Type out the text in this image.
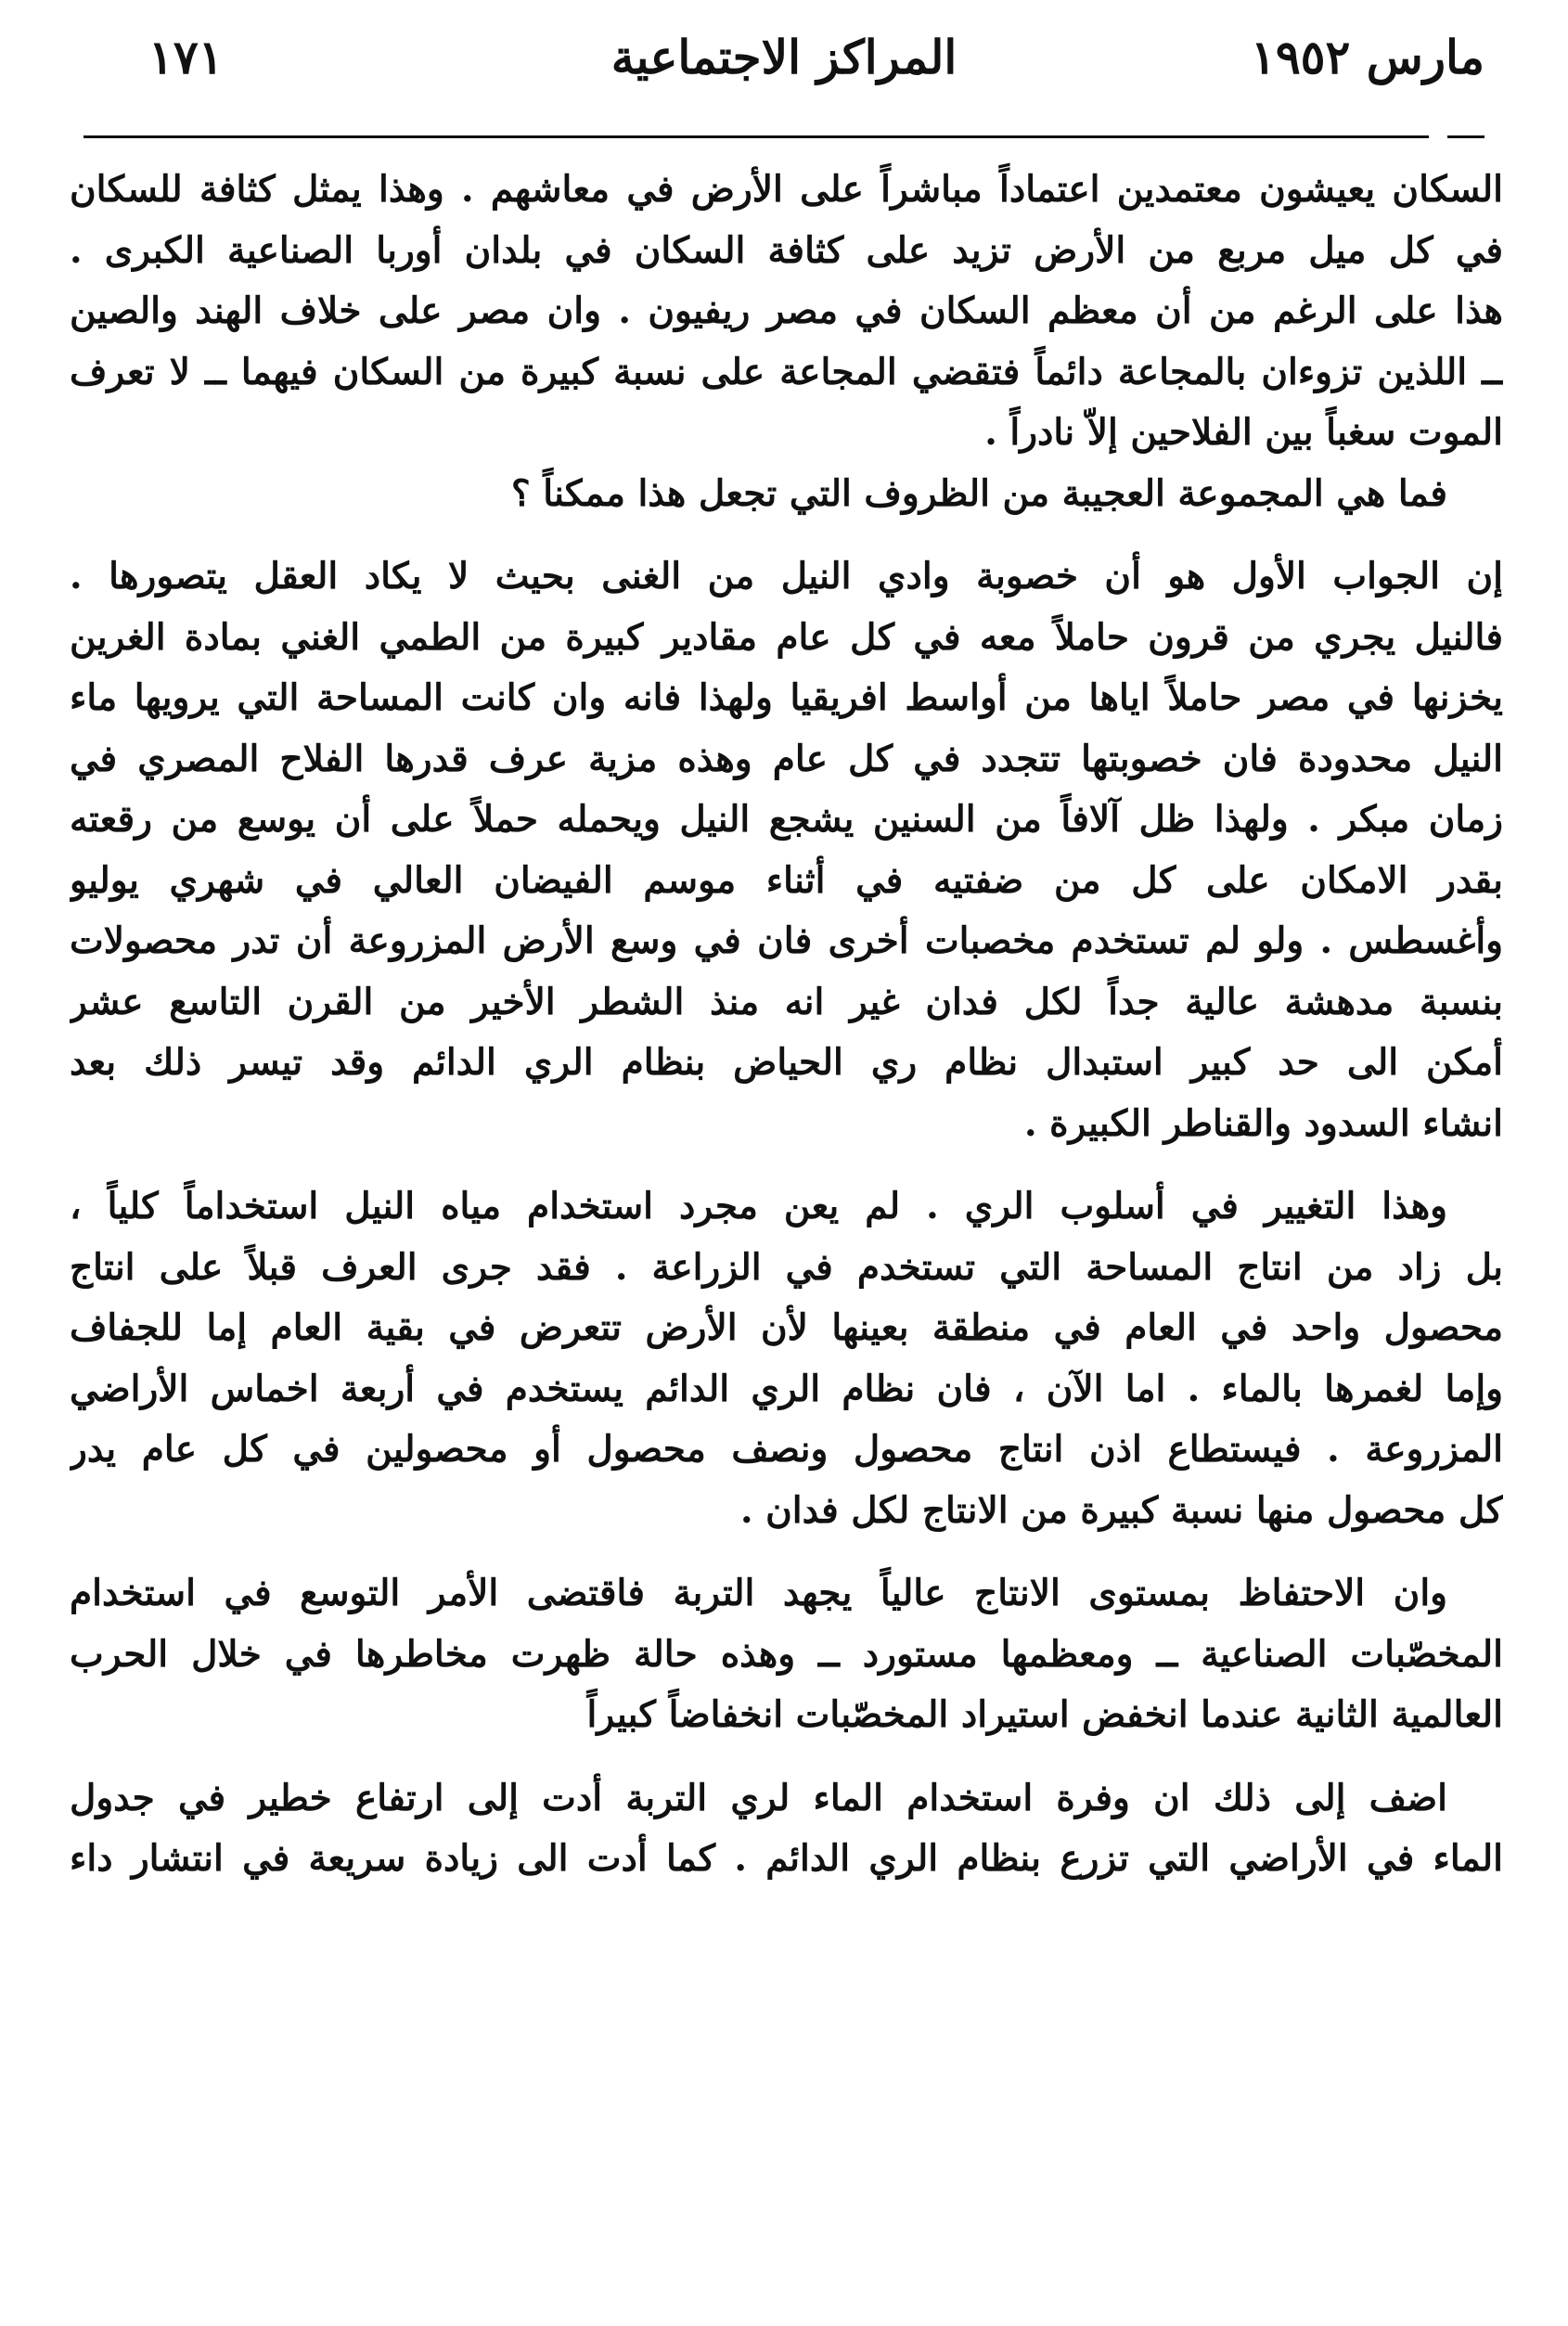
مارس ١٩٥٢
المراكز الاجتماعية
١٧١
السكان يعيشون معتمدين اعتماداً مباشراً على الأرض في معاشهم . وهذا يمثل كثافة للسكان
في كل ميل مربع من الأرض تزيد على كثافة السكان في بلدان أوربا الصناعية الكبرى .
هذا على الرغم من أن معظم السكان في مصر ريفيون . وان مصر على خلاف الهند والصين
ــ اللذين تزوءان بالمجاعة دائماً فتقضي المجاعة على نسبة كبيرة من السكان فيهما ــ لا تعرف
الموت سغباً بين الفلاحين إلاّ نادراً .
فما هي المجموعة العجيبة من الظروف التي تجعل هذا ممكناً ؟
إن الجواب الأول هو أن خصوبة وادي النيل من الغنى بحيث لا يكاد العقل يتصورها .
فالنيل يجري من قرون حاملاً معه في كل عام مقادير كبيرة من الطمي الغني بمادة الغرين
يخزنها في مصر حاملاً اياها من أواسط افريقيا ولهذا فانه وان كانت المساحة التي يرويها ماء
النيل محدودة فان خصوبتها تتجدد في كل عام وهذه مزية عرف قدرها الفلاح المصري في
زمان مبكر . ولهذا ظل آلافاً من السنين يشجع النيل ويحمله حملاً على أن يوسع من رقعته
بقدر الامكان على كل من ضفتيه في أثناء موسم الفيضان العالي في شهري يوليو
وأغسطس . ولو لم تستخدم مخصبات أخرى فان في وسع الأرض المزروعة أن تدر محصولات
بنسبة مدهشة عالية جداً لكل فدان غير انه منذ الشطر الأخير من القرن التاسع عشر
أمكن الى حد كبير استبدال نظام ري الحياض بنظام الري الدائم وقد تيسر ذلك بعد
انشاء السدود والقناطر الكبيرة .
وهذا التغيير في أسلوب الري . لم يعن مجرد استخدام مياه النيل استخداماً كلياً ،
بل زاد من انتاج المساحة التي تستخدم في الزراعة . فقد جرى العرف قبلاً على انتاج
محصول واحد في العام في منطقة بعينها لأن الأرض تتعرض في بقية العام إما للجفاف
وإما لغمرها بالماء . اما الآن ، فان نظام الري الدائم يستخدم في أربعة اخماس الأراضي
المزروعة . فيستطاع اذن انتاج محصول ونصف محصول أو محصولين في كل عام يدر
كل محصول منها نسبة كبيرة من الانتاج لكل فدان .
وان الاحتفاظ بمستوى الانتاج عالياً يجهد التربة فاقتضى الأمر التوسع في استخدام
المخصّبات الصناعية ــ ومعظمها مستورد ــ وهذه حالة ظهرت مخاطرها في خلال الحرب
العالمية الثانية عندما انخفض استيراد المخصّبات انخفاضاً كبيراً
اضف إلى ذلك ان وفرة استخدام الماء لري التربة أدت إلى ارتفاع خطير في جدول
الماء في الأراضي التي تزرع بنظام الري الدائم . كما أدت الى زيادة سريعة في انتشار داء
